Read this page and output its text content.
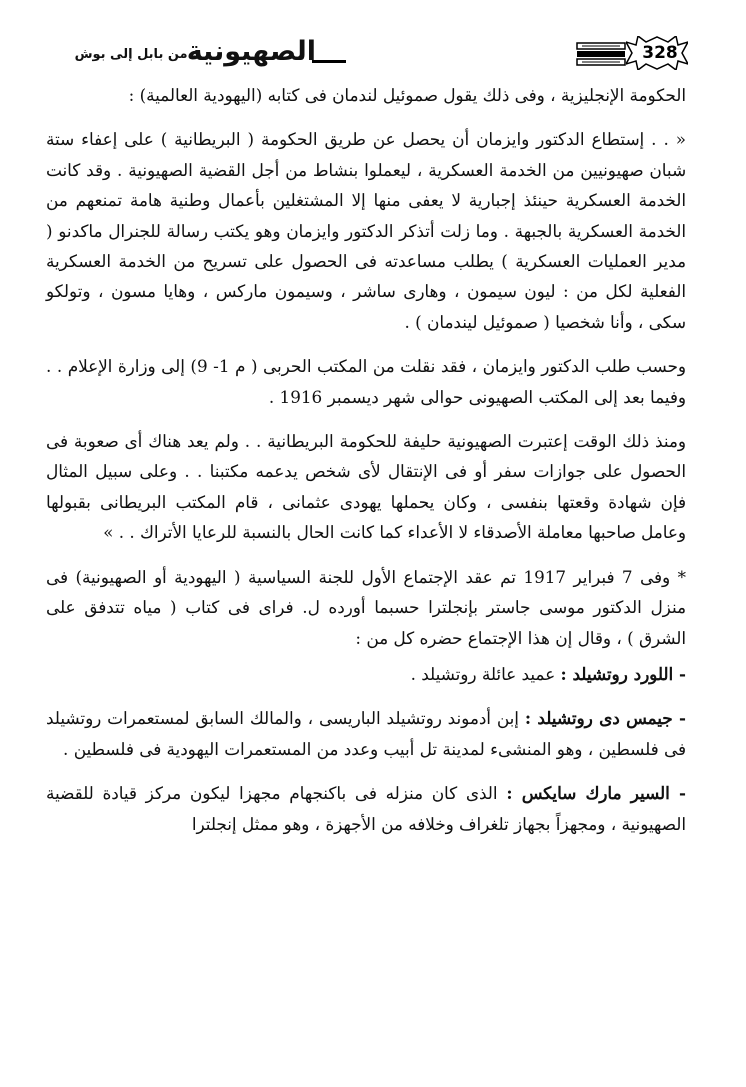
328
الصهيونية
.. من بابل إلى بوش

الحكومة الإنجليزية ، وفى ذلك يقول صموئيل لندمان فى كتابه (اليهودية العالمية) :

« . . إستطاع الدكتور وايزمان أن يحصل عن طريق الحكومة ( البريطانية ) على إعفاء ستة شبان صهيونيين من الخدمة العسكرية ، ليعملوا بنشاط من أجل القضية الصهيونية . وقد كانت الخدمة العسكرية حينئذ إجبارية لا يعفى منها إلا المشتغلين بأعمال وطنية هامة تمنعهم من الخدمة العسكرية بالجبهة . وما زلت أتذكر الدكتور وايزمان وهو يكتب رسالة للجنرال ماكدنو ( مدير العمليات العسكرية ) يطلب مساعدته فى الحصول على تسريح من الخدمة العسكرية الفعلية لكل من : ليون سيمون ، وهارى ساشر ، وسيمون ماركس ، وهايا مسون ، وتولكو سكى ، وأنا شخصيا ( صموئيل ليندمان ) .

وحسب طلب الدكتور وايزمان ، فقد نقلت من المكتب الحربى ( م 1- 9) إلى وزارة الإعلام . . وفيما بعد إلى المكتب الصهيونى حوالى شهر ديسمبر 1916 .

ومنذ ذلك الوقت إعتبرت الصهيونية حليفة للحكومة البريطانية . . ولم يعد هناك أى صعوبة فى الحصول على جوازات سفر أو فى الإنتقال لأى شخص يدعمه مكتبنا . . وعلى سبيل المثال فإن شهادة وقعتها بنفسى ، وكان يحملها يهودى عثمانى ، قام المكتب البريطانى بقبولها وعامل صاحبها معاملة الأصدقاء لا الأعداء كما كانت الحال بالنسبة للرعايا الأتراك . . »

* وفى 7 فبراير 1917 تم عقد الإجتماع الأول للجنة السياسية ( اليهودية أو الصهيونية) فى منزل الدكتور موسى جاستر بإنجلترا حسبما أورده ل. فراى فى كتاب ( مياه تتدفق على الشرق ) ، وقال إن هذا الإجتماع حضره كل من :

- اللورد روتشيلد : عميد عائلة روتشيلد .

- جيمس دى روتشيلد : إبن أدموند روتشيلد الباريسى ، والمالك السابق لمستعمرات روتشيلد فى فلسطين ، وهو المنشىء لمدينة تل أبيب وعدد من المستعمرات اليهودية فى فلسطين .

- السير مارك سايكس : الذى كان منزله فى باكنجهام مجهزا ليكون مركز قيادة للقضية الصهيونية ، ومجهزاً بجهاز تلغراف وخلافه من الأجهزة ، وهو ممثل إنجلترا
